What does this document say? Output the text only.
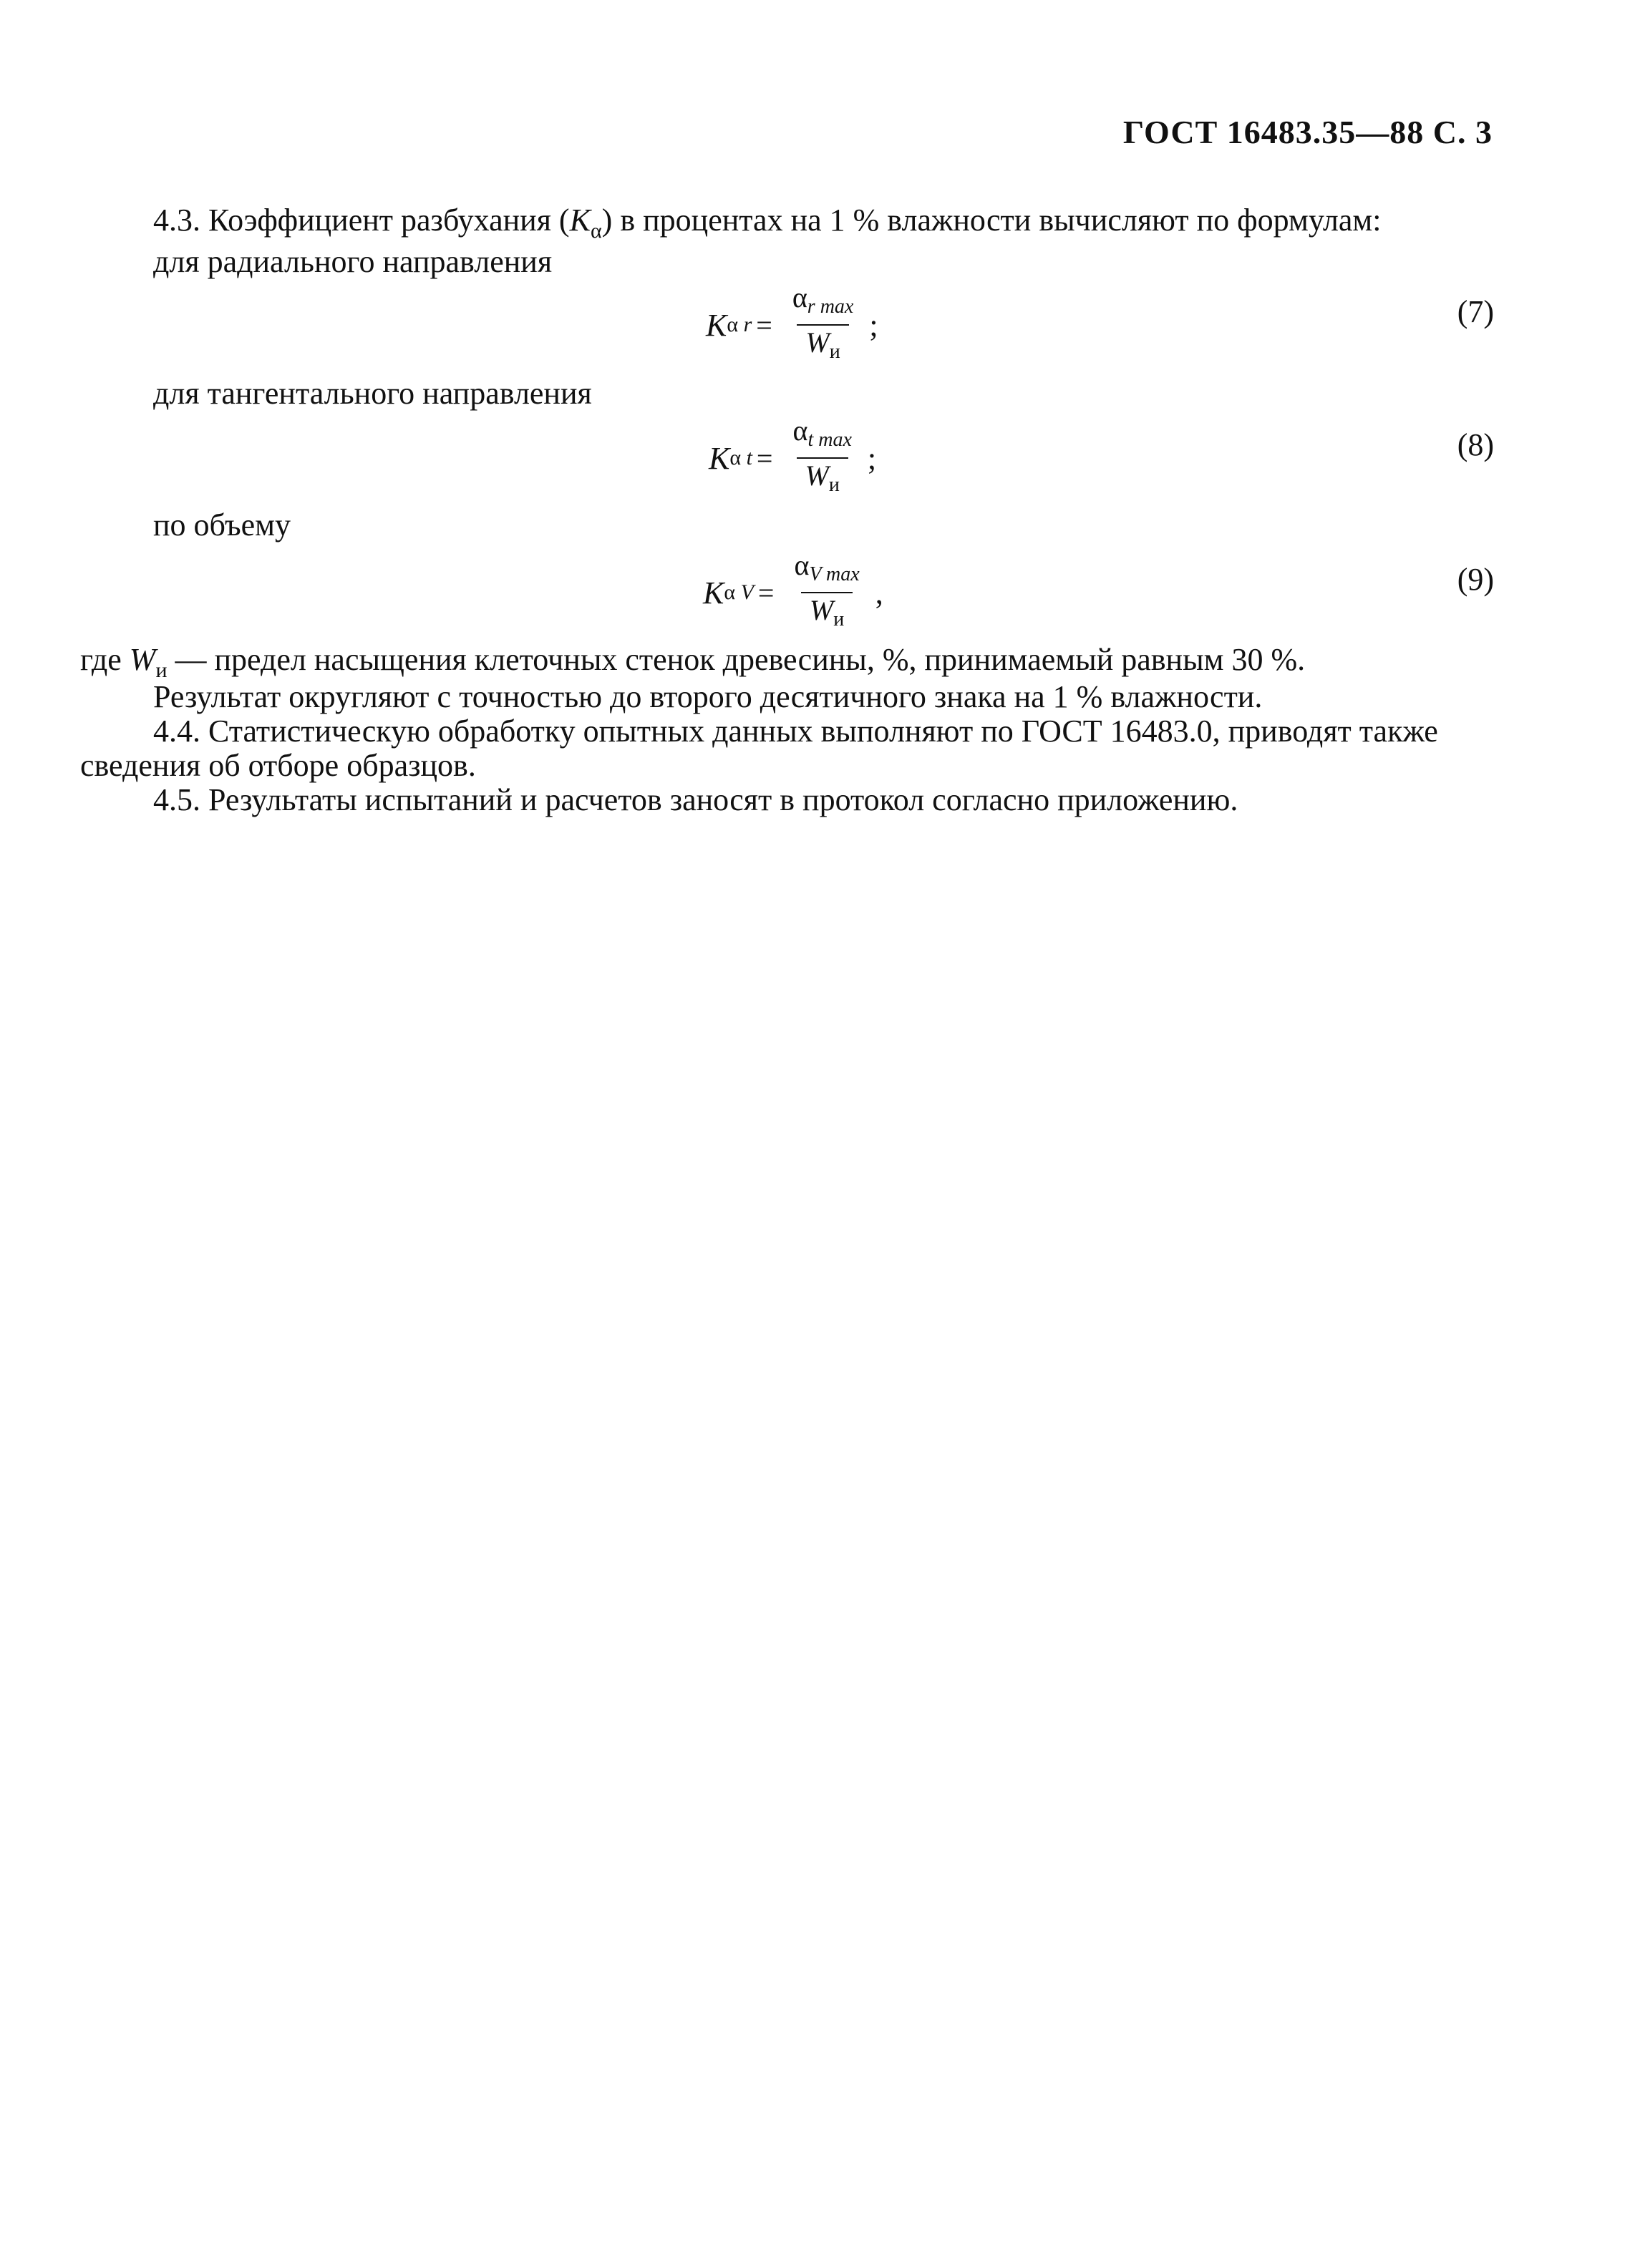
ГОСТ 16483.35—88 С. 3
4.3. Коэффициент разбухания $(K_\alpha)$ в процентах на 1 % влажности вычисляют по формулам:
для радиального направления
K α $r = \frac{\alpha_{r max}}{W_и}$ ;	(7)
для тангентального направления
K α $t = \frac{\alpha_{t max}}{W_и}$ ;	(8)
по объему
K α $V = \frac{\alpha_{V max}}{W_и}$ ,	(9)
где $W_и$ — предел насыщения клеточных стенок древесины, %, принимаемый равным 30 %.
Результат округляют с точностью до второго десятичного знака на 1 % влажности.
4.4. Статистическую обработку опытных данных выполняют по ГОСТ 16483.0, приводят также
сведения об отборе образцов.
4.5. Результаты испытаний и расчетов заносят в протокол согласно приложению.
